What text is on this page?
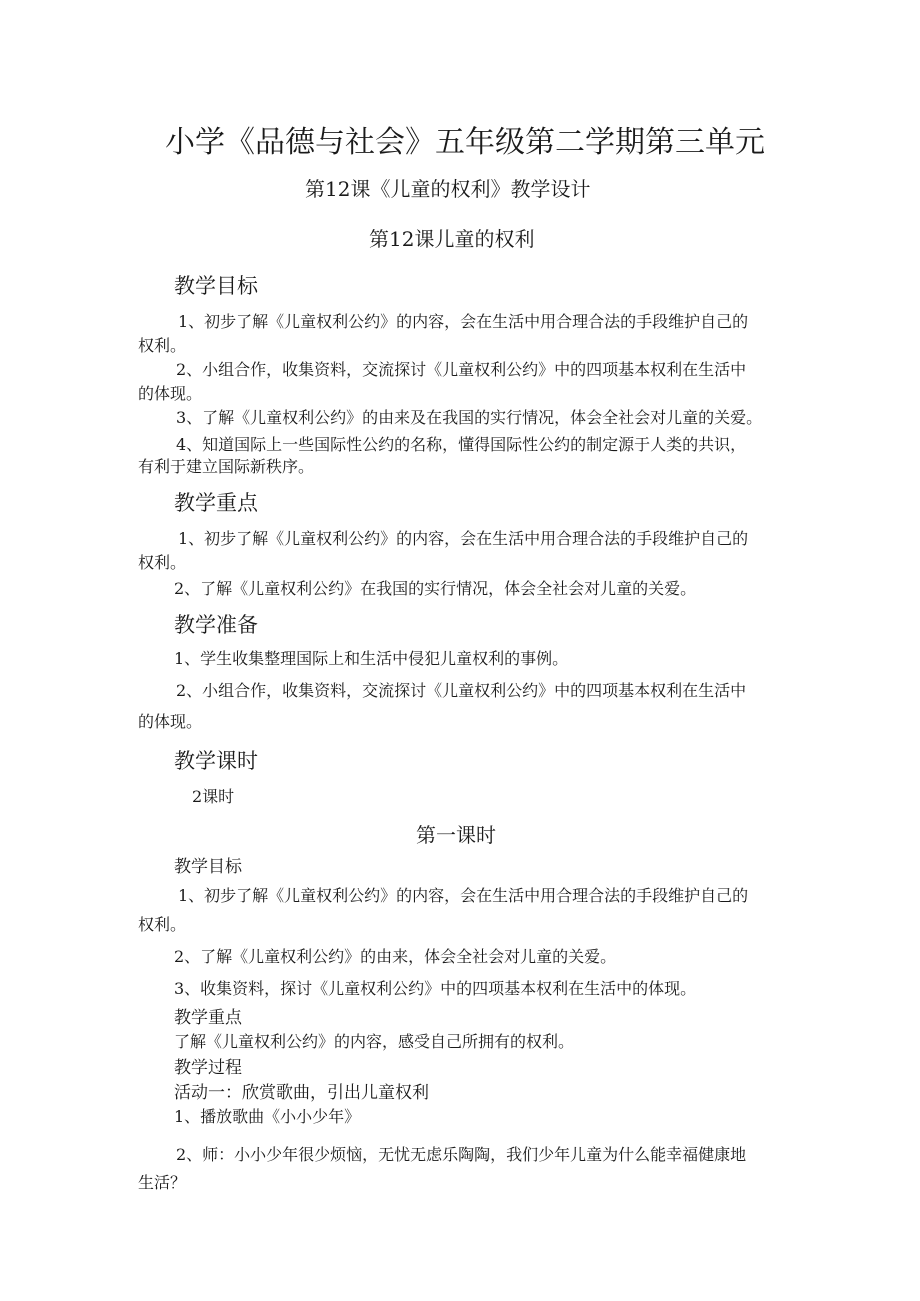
小学《品德与社会》五年级第二学期第三单元

第12课《儿童的权利》教学设计

第12课儿童的权利

教学目标

1、初步了解《儿童权利公约》的内容，会在生活中用合理合法的手段维护自己的

权利。

2、小组合作，收集资料，交流探讨《儿童权利公约》中的四项基本权利在生活中

的体现。

3、了解《儿童权利公约》的由来及在我国的实行情况，体会全社会对儿童的关爱。

4、知道国际上一些国际性公约的名称，懂得国际性公约的制定源于人类的共识，

有利于建立国际新秩序。

教学重点

1、初步了解《儿童权利公约》的内容，会在生活中用合理合法的手段维护自己的

权利。

2、了解《儿童权利公约》在我国的实行情况，体会全社会对儿童的关爱。

教学准备

1、学生收集整理国际上和生活中侵犯儿童权利的事例。

2、小组合作，收集资料，交流探讨《儿童权利公约》中的四项基本权利在生活中

的体现。

教学课时

2课时

第一课时

教学目标

1、初步了解《儿童权利公约》的内容，会在生活中用合理合法的手段维护自己的

权利。

2、了解《儿童权利公约》的由来，体会全社会对儿童的关爱。

3、收集资料，探讨《儿童权利公约》中的四项基本权利在生活中的体现。

教学重点

了解《儿童权利公约》的内容，感受自己所拥有的权利。

教学过程

活动一：欣赏歌曲，引出儿童权利

1、播放歌曲《小小少年》

2、师：小小少年很少烦恼，无忧无虑乐陶陶，我们少年儿童为什么能幸福健康地

生活？
